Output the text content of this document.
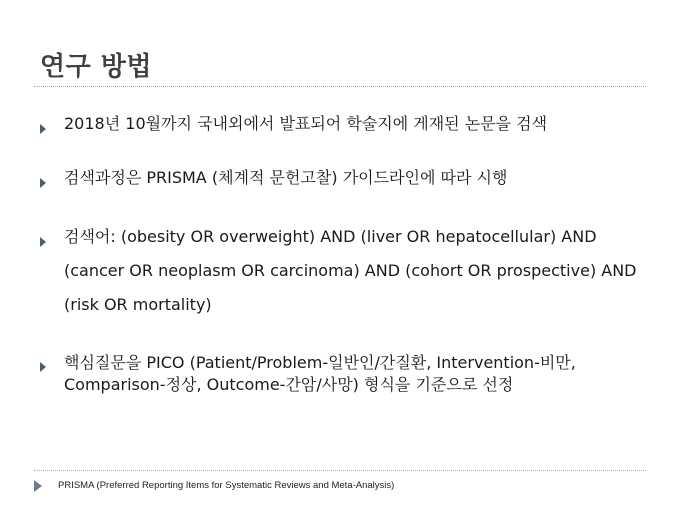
연구 방법
2018년 10월까지 국내외에서 발표되어 학술지에 게재된 논문을 검색
검색과정은 PRISMA (체계적 문헌고찰) 가이드라인에 따라 시행
검색어: (obesity OR overweight) AND (liver OR hepatocellular) AND (cancer OR neoplasm OR carcinoma) AND (cohort OR prospective) AND (risk OR mortality)
핵심질문을 PICO (Patient/Problem-일반인/간질환, Intervention-비만, Comparison-정상, Outcome-간암/사망) 형식을 기준으로 선정
PRISMA (Preferred Reporting Items for Systematic Reviews and Meta-Analysis)
